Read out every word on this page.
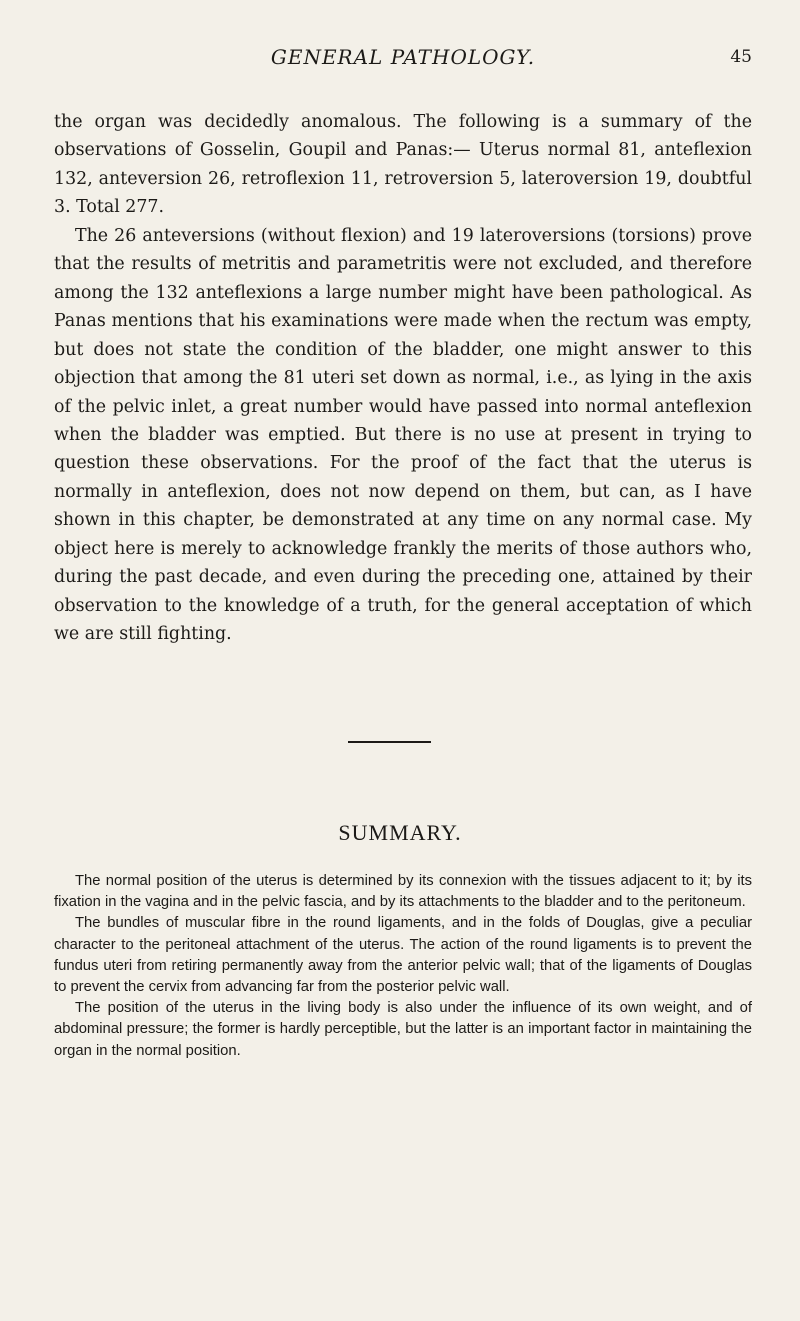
GENERAL PATHOLOGY.	45

the organ was decidedly anomalous. The following is a summary of the observations of Gosselin, Goupil and Panas:— Uterus normal 81, anteflexion 132, anteversion 26, retroflexion 11, retroversion 5, lateroversion 19, doubtful 3. Total 277.

The 26 anteversions (without flexion) and 19 lateroversions (torsions) prove that the results of metritis and parametritis were not excluded, and therefore among the 132 anteflexions a large number might have been pathological. As Panas mentions that his examinations were made when the rectum was empty, but does not state the condition of the bladder, one might answer to this objection that among the 81 uteri set down as normal, i.e., as lying in the axis of the pelvic inlet, a great number would have passed into normal anteflexion when the bladder was emptied. But there is no use at present in trying to question these observations. For the proof of the fact that the uterus is normally in anteflexion, does not now depend on them, but can, as I have shown in this chapter, be demonstrated at any time on any normal case. My object here is merely to acknowledge frankly the merits of those authors who, during the past decade, and even during the preceding one, attained by their observation to the knowledge of a truth, for the general acceptation of which we are still fighting.

SUMMARY.

The normal position of the uterus is determined by its connexion with the tissues adjacent to it; by its fixation in the vagina and in the pelvic fascia, and by its attachments to the bladder and to the peritoneum.

The bundles of muscular fibre in the round ligaments, and in the folds of Douglas, give a peculiar character to the peritoneal attachment of the uterus. The action of the round ligaments is to prevent the fundus uteri from retiring permanently away from the anterior pelvic wall; that of the ligaments of Douglas to prevent the cervix from advancing far from the posterior pelvic wall.

The position of the uterus in the living body is also under the influence of its own weight, and of abdominal pressure; the former is hardly perceptible, but the latter is an important factor in maintaining the organ in the normal position.
